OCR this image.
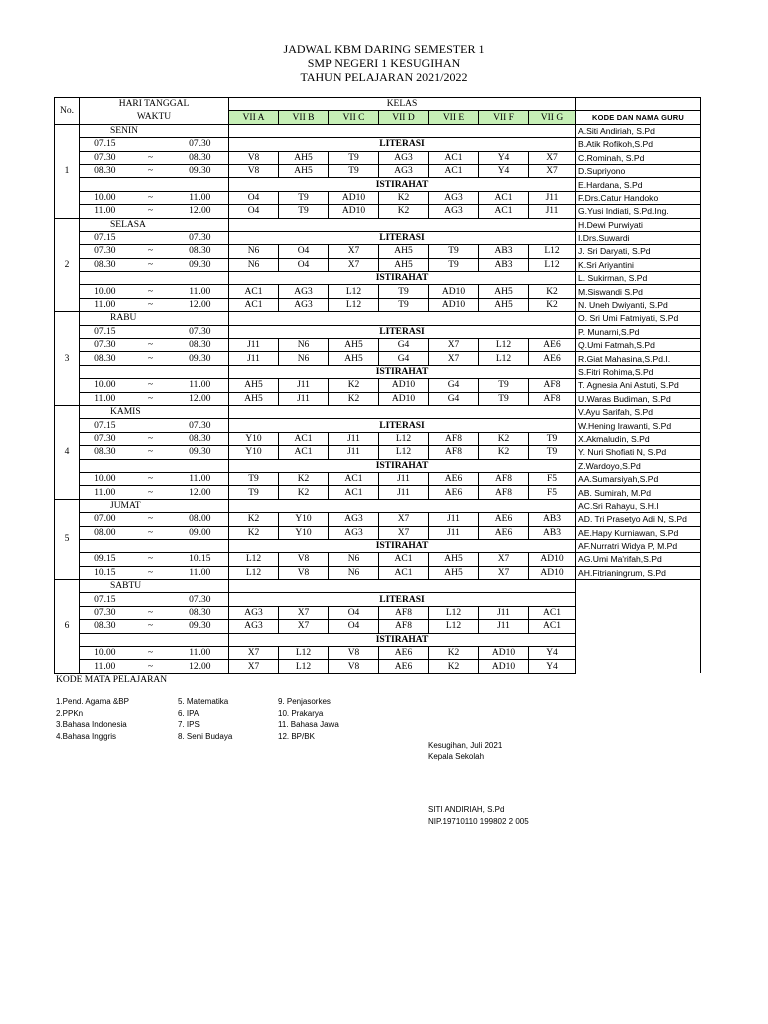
JADWAL KBM DARING SEMESTER 1
SMP NEGERI 1 KESUGIHAN
TAHUN PELAJARAN 2021/2022
No.	HARI TANGGAL			KELAS							
	WAKTU			VII A	VII B	VII C	VII D	VII E	VII F	VII G	KODE DAN NAMA GURU
1	SENIN										A.Siti Andiriah, S.Pd
	07.15		07.30	LITERASI							B.Atik Rofikoh,S.Pd
	07.30	~	08.30	V8	AH5	T9	AG3	AC1	Y4	X7	C.Rominah, S.Pd
	08.30	~	09.30	V8	AH5	T9	AG3	AC1	Y4	X7	D.Supriyono
				ISTIRAHAT							E.Hardana, S.Pd
	10.00	~	11.00	O4	T9	AD10	K2	AG3	AC1	J11	F.Drs.Catur Handoko
	11.00	~	12.00	O4	T9	AD10	K2	AG3	AC1	J11	G.Yusi Indiati, S.Pd.Ing.
2	SELASA										H.Dewi Purwiyati
	07.15		07.30	LITERASI							I.Drs.Suwardi
	07.30	~	08.30	N6	O4	X7	AH5	T9	AB3	L12	J. Sri Daryati, S.Pd
	08.30	~	09.30	N6	O4	X7	AH5	T9	AB3	L12	K.Sri Ariyantini
				ISTIRAHAT							L. Sukirman, S.Pd
	10.00	~	11.00	AC1	AG3	L12	T9	AD10	AH5	K2	M.Siswandi S.Pd
	11.00	~	12.00	AC1	AG3	L12	T9	AD10	AH5	K2	N. Uneh Dwiyanti, S.Pd
3	RABU										O. Sri Umi Fatmiyati, S.Pd
	07.15		07.30	LITERASI							P. Munarni,S.Pd
	07.30	~	08.30	J11	N6	AH5	G4	X7	L12	AE6	Q.Umi Fatmah,S.Pd
	08.30	~	09.30	J11	N6	AH5	G4	X7	L12	AE6	R.Giat Mahasina,S.Pd.I.
				ISTIRAHAT							S.Fitri Rohima,S.Pd
	10.00	~	11.00	AH5	J11	K2	AD10	G4	T9	AF8	T. Agnesia Ani Astuti, S.Pd
	11.00	~	12.00	AH5	J11	K2	AD10	G4	T9	AF8	U.Waras Budiman, S.Pd
4	KAMIS										V.Ayu Sarifah, S.Pd
	07.15		07.30	LITERASI							W.Hening Irawanti, S.Pd
	07.30	~	08.30	Y10	AC1	J11	L12	AF8	K2	T9	X.Akmaludin, S.Pd
	08.30	~	09.30	Y10	AC1	J11	L12	AF8	K2	T9	Y. Nuri Shofiati N, S.Pd
				ISTIRAHAT							Z.Wardoyo,S.Pd
	10.00	~	11.00	T9	K2	AC1	J11	AE6	AF8	F5	AA.Sumarsiyah,S.Pd
	11.00	~	12.00	T9	K2	AC1	J11	AE6	AF8	F5	AB. Sumirah, M.Pd
5	JUMAT										AC.Sri Rahayu, S.H.I
	07.00	~	08.00	K2	Y10	AG3	X7	J11	AE6	AB3	AD. Tri Prasetyo Adi N, S.Pd
	08.00	~	09.00	K2	Y10	AG3	X7	J11	AE6	AB3	AE.Hapy Kurniawan, S.Pd
				ISTIRAHAT							AF.Nurratri Widya P, M.Pd
	09.15	~	10.15	L12	V8	N6	AC1	AH5	X7	AD10	AG.Umi Ma'rifah,S.Pd
	10.15	~	11.00	L12	V8	N6	AC1	AH5	X7	AD10	AH.Fitrianingrum, S.Pd
6	SABTU										
	07.15		07.30	LITERASI							
	07.30	~	08.30	AG3	X7	O4	AF8	L12	J11	AC1	
	08.30	~	09.30	AG3	X7	O4	AF8	L12	J11	AC1	
				ISTIRAHAT							
	10.00	~	11.00	X7	L12	V8	AE6	K2	AD10	Y4	
	11.00	~	12.00	X7	L12	V8	AE6	K2	AD10	Y4	
KODE MATA PELAJARAN
1.Pend. Agama &BP
2.PPKn
3.Bahasa Indonesia
4.Bahasa Inggris
5. Matematika
6. IPA
7. IPS
8. Seni Budaya
9. Penjasorkes
10. Prakarya
11. Bahasa Jawa
12. BP/BK
Kesugihan, Juli 2021
Kepala Sekolah
SITI ANDIRIAH, S.Pd
NIP.19710110 199802 2 005
